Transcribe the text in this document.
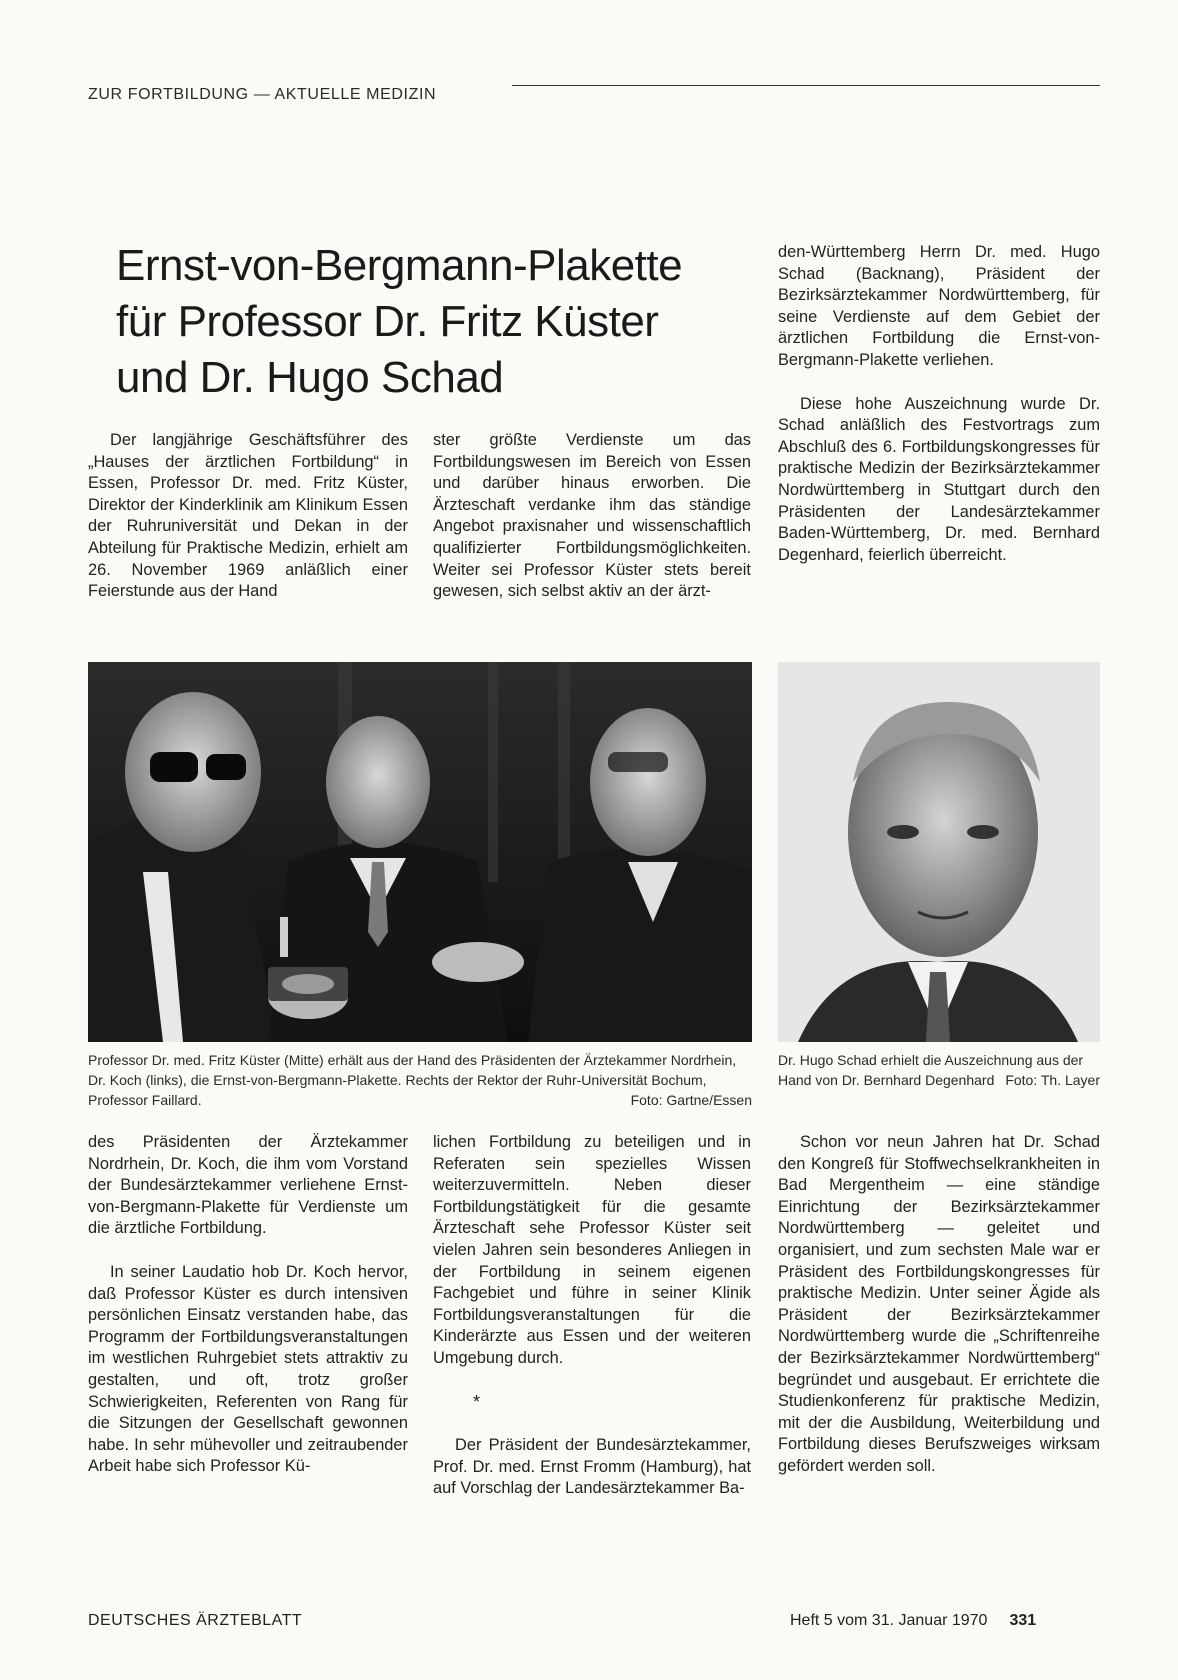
ZUR FORTBILDUNG — AKTUELLE MEDIZIN
Ernst-von-Bergmann-Plakette
für Professor Dr. Fritz Küster
und Dr. Hugo Schad

Der langjährige Geschäftsführer des „Hauses der ärztlichen Fortbildung“ in Essen, Professor Dr. med. Fritz Küster, Direktor der Kinderklinik am Klinikum Essen der Ruhruniversität und Dekan in der Abteilung für Praktische Medizin, erhielt am 26. November 1969 anläßlich einer Feierstunde aus der Hand

ster größte Verdienste um das Fortbildungswesen im Bereich von Essen und darüber hinaus erworben. Die Ärzteschaft verdanke ihm das ständige Angebot praxisnaher und wissenschaftlich qualifizierter Fortbildungsmöglichkeiten. Weiter sei Professor Küster stets bereit gewesen, sich selbst aktiv an der ärzt-

den-Württemberg Herrn Dr. med. Hugo Schad (Backnang), Präsident der Bezirksärztekammer Nordwürttemberg, für seine Verdienste auf dem Gebiet der ärztlichen Fortbildung die Ernst-von-Bergmann-Plakette verliehen.

Diese hohe Auszeichnung wurde Dr. Schad anläßlich des Festvortrags zum Abschluß des 6. Fortbildungskongresses für praktische Medizin der Bezirksärztekammer Nordwürttemberg in Stuttgart durch den Präsidenten der Landesärztekammer Baden-Württemberg, Dr. med. Bernhard Degenhard, feierlich überreicht.

Professor Dr. med. Fritz Küster (Mitte) erhält aus der Hand des Präsidenten der Ärztekammer Nordrhein, Dr. Koch (links), die Ernst-von-Bergmann-Plakette. Rechts der Rektor der Ruhr-Universität Bochum, Professor Faillard.	Foto: Gartne/Essen
Dr. Hugo Schad erhielt die Auszeichnung aus der Hand von Dr. Bernhard Degenhard Foto: Th. Layer

des Präsidenten der Ärztekammer Nordrhein, Dr. Koch, die ihm vom Vorstand der Bundesärztekammer verliehene Ernst-von-Bergmann-Plakette für Verdienste um die ärztliche Fortbildung.

In seiner Laudatio hob Dr. Koch hervor, daß Professor Küster es durch intensiven persönlichen Einsatz verstanden habe, das Programm der Fortbildungsveranstaltungen im westlichen Ruhrgebiet stets attraktiv zu gestalten, und oft, trotz großer Schwierigkeiten, Referenten von Rang für die Sitzungen der Gesellschaft gewonnen habe. In sehr mühevoller und zeitraubender Arbeit habe sich Professor Kü-

lichen Fortbildung zu beteiligen und in Referaten sein spezielles Wissen weiterzuvermitteln. Neben dieser Fortbildungstätigkeit für die gesamte Ärzteschaft sehe Professor Küster seit vielen Jahren sein besonderes Anliegen in der Fortbildung in seinem eigenen Fachgebiet und führe in seiner Klinik Fortbildungsveranstaltungen für die Kinderärzte aus Essen und der weiteren Umgebung durch.

*

Der Präsident der Bundesärztekammer, Prof. Dr. med. Ernst Fromm (Hamburg), hat auf Vorschlag der Landesärztekammer Ba-

Schon vor neun Jahren hat Dr. Schad den Kongreß für Stoffwechselkrankheiten in Bad Mergentheim — eine ständige Einrichtung der Bezirksärztekammer Nordwürttemberg — geleitet und organisiert, und zum sechsten Male war er Präsident des Fortbildungskongresses für praktische Medizin. Unter seiner Ägide als Präsident der Bezirksärztekammer Nordwürttemberg wurde die „Schriftenreihe der Bezirksärztekammer Nordwürttemberg“ begründet und ausgebaut. Er errichtete die Studienkonferenz für praktische Medizin, mit der die Ausbildung, Weiterbildung und Fortbildung dieses Berufszweiges wirksam gefördert werden soll.

DEUTSCHES ÄRZTEBLATT	Heft 5 vom 31. Januar 1970 331
